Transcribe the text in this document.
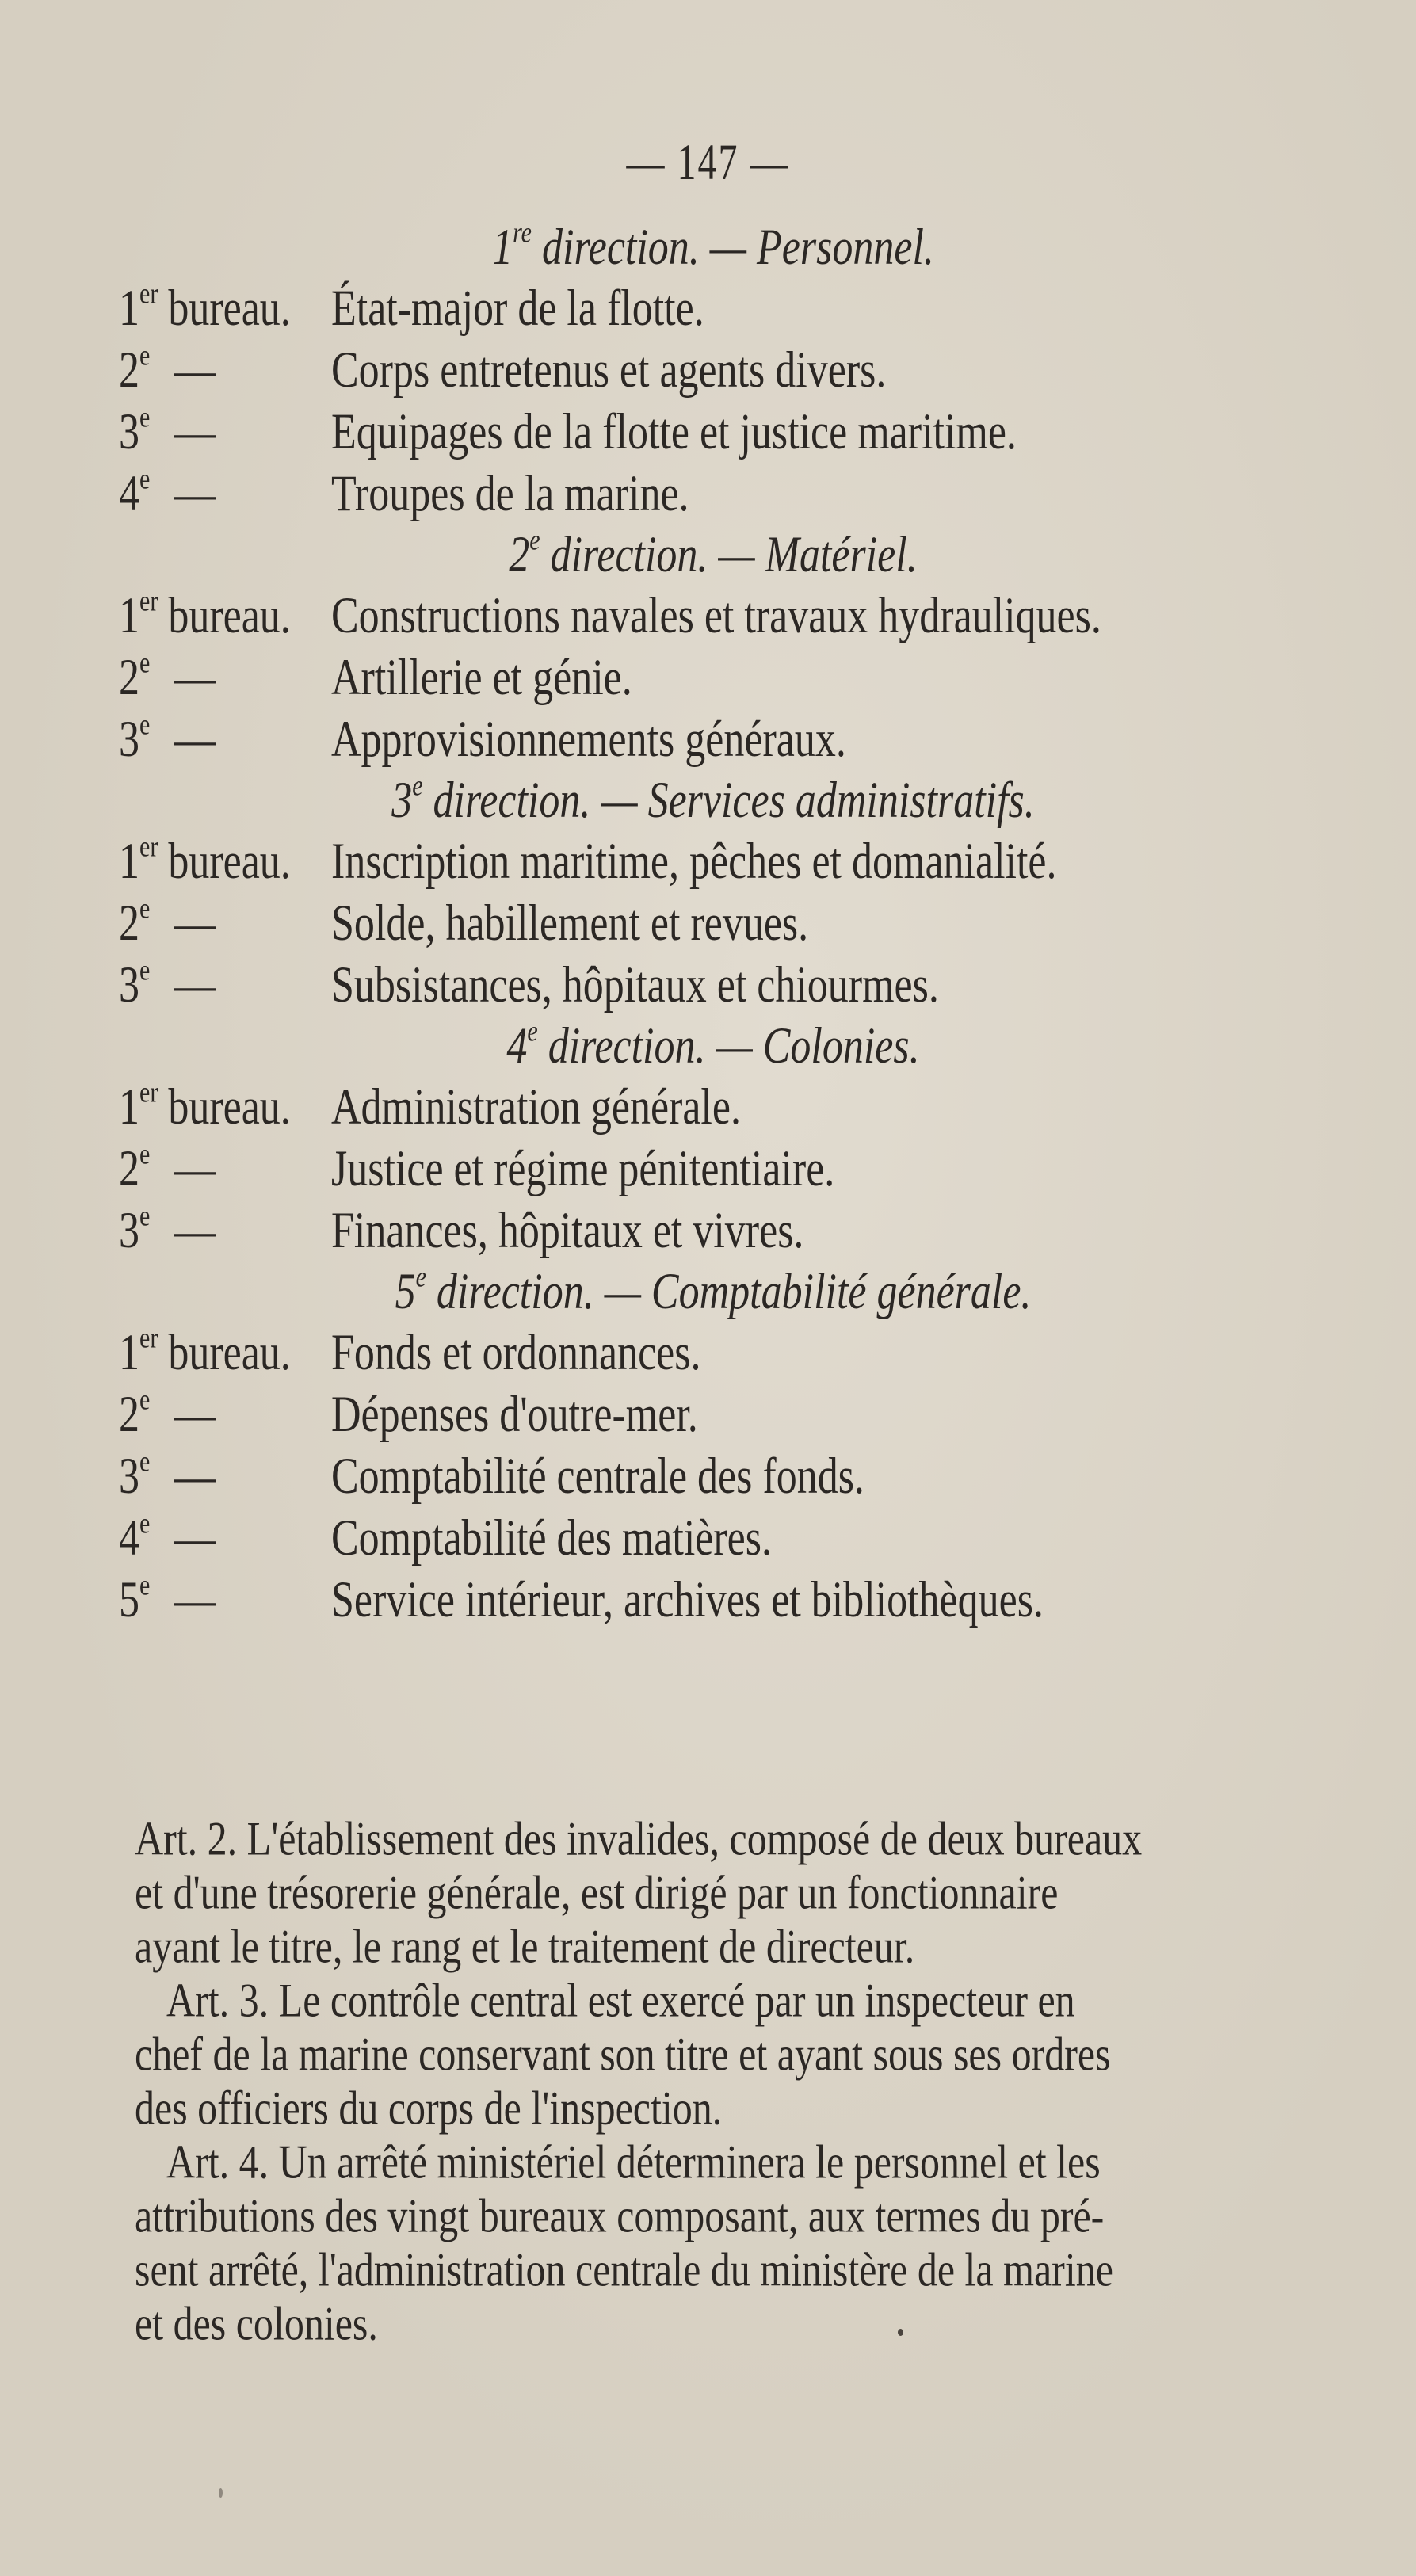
— 147 —
1re direction. — Personnel.
1er bureau. État-major de la flotte.
2e —	Corps entretenus et agents divers.
3e —	Equipages de la flotte et justice maritime.
4e —	Troupes de la marine.
2e direction. — Matériel.
1er bureau. Constructions navales et travaux hydrauliques.
2e —	Artillerie et génie.
3e —	Approvisionnements généraux.
3e direction. — Services administratifs.
1er bureau. Inscription maritime, pêches et domanialité.
2e —	Solde, habillement et revues.
3e —	Subsistances, hôpitaux et chiourmes.
4e direction. — Colonies.
1er bureau. Administration générale.
2e —	Justice et régime pénitentiaire.
3e —	Finances, hôpitaux et vivres.
5e direction. — Comptabilité générale.
1er bureau. Fonds et ordonnances.
2e —	Dépenses d'outre-mer.
3e —	Comptabilité centrale des fonds.
4e —	Comptabilité des matières.
5e —	Service intérieur, archives et bibliothèques.
Art. 2. L'établissement des invalides, composé de deux bureaux
et d'une trésorerie générale, est dirigé par un fonctionnaire
ayant le titre, le rang et le traitement de directeur.
Art. 3. Le contrôle central est exercé par un inspecteur en
chef de la marine conservant son titre et ayant sous ses ordres
des officiers du corps de l'inspection.
Art. 4. Un arrêté ministériel déterminera le personnel et les
attributions des vingt bureaux composant, aux termes du pré-
sent arrêté, l'administration centrale du ministère de la marine
et des colonies.
